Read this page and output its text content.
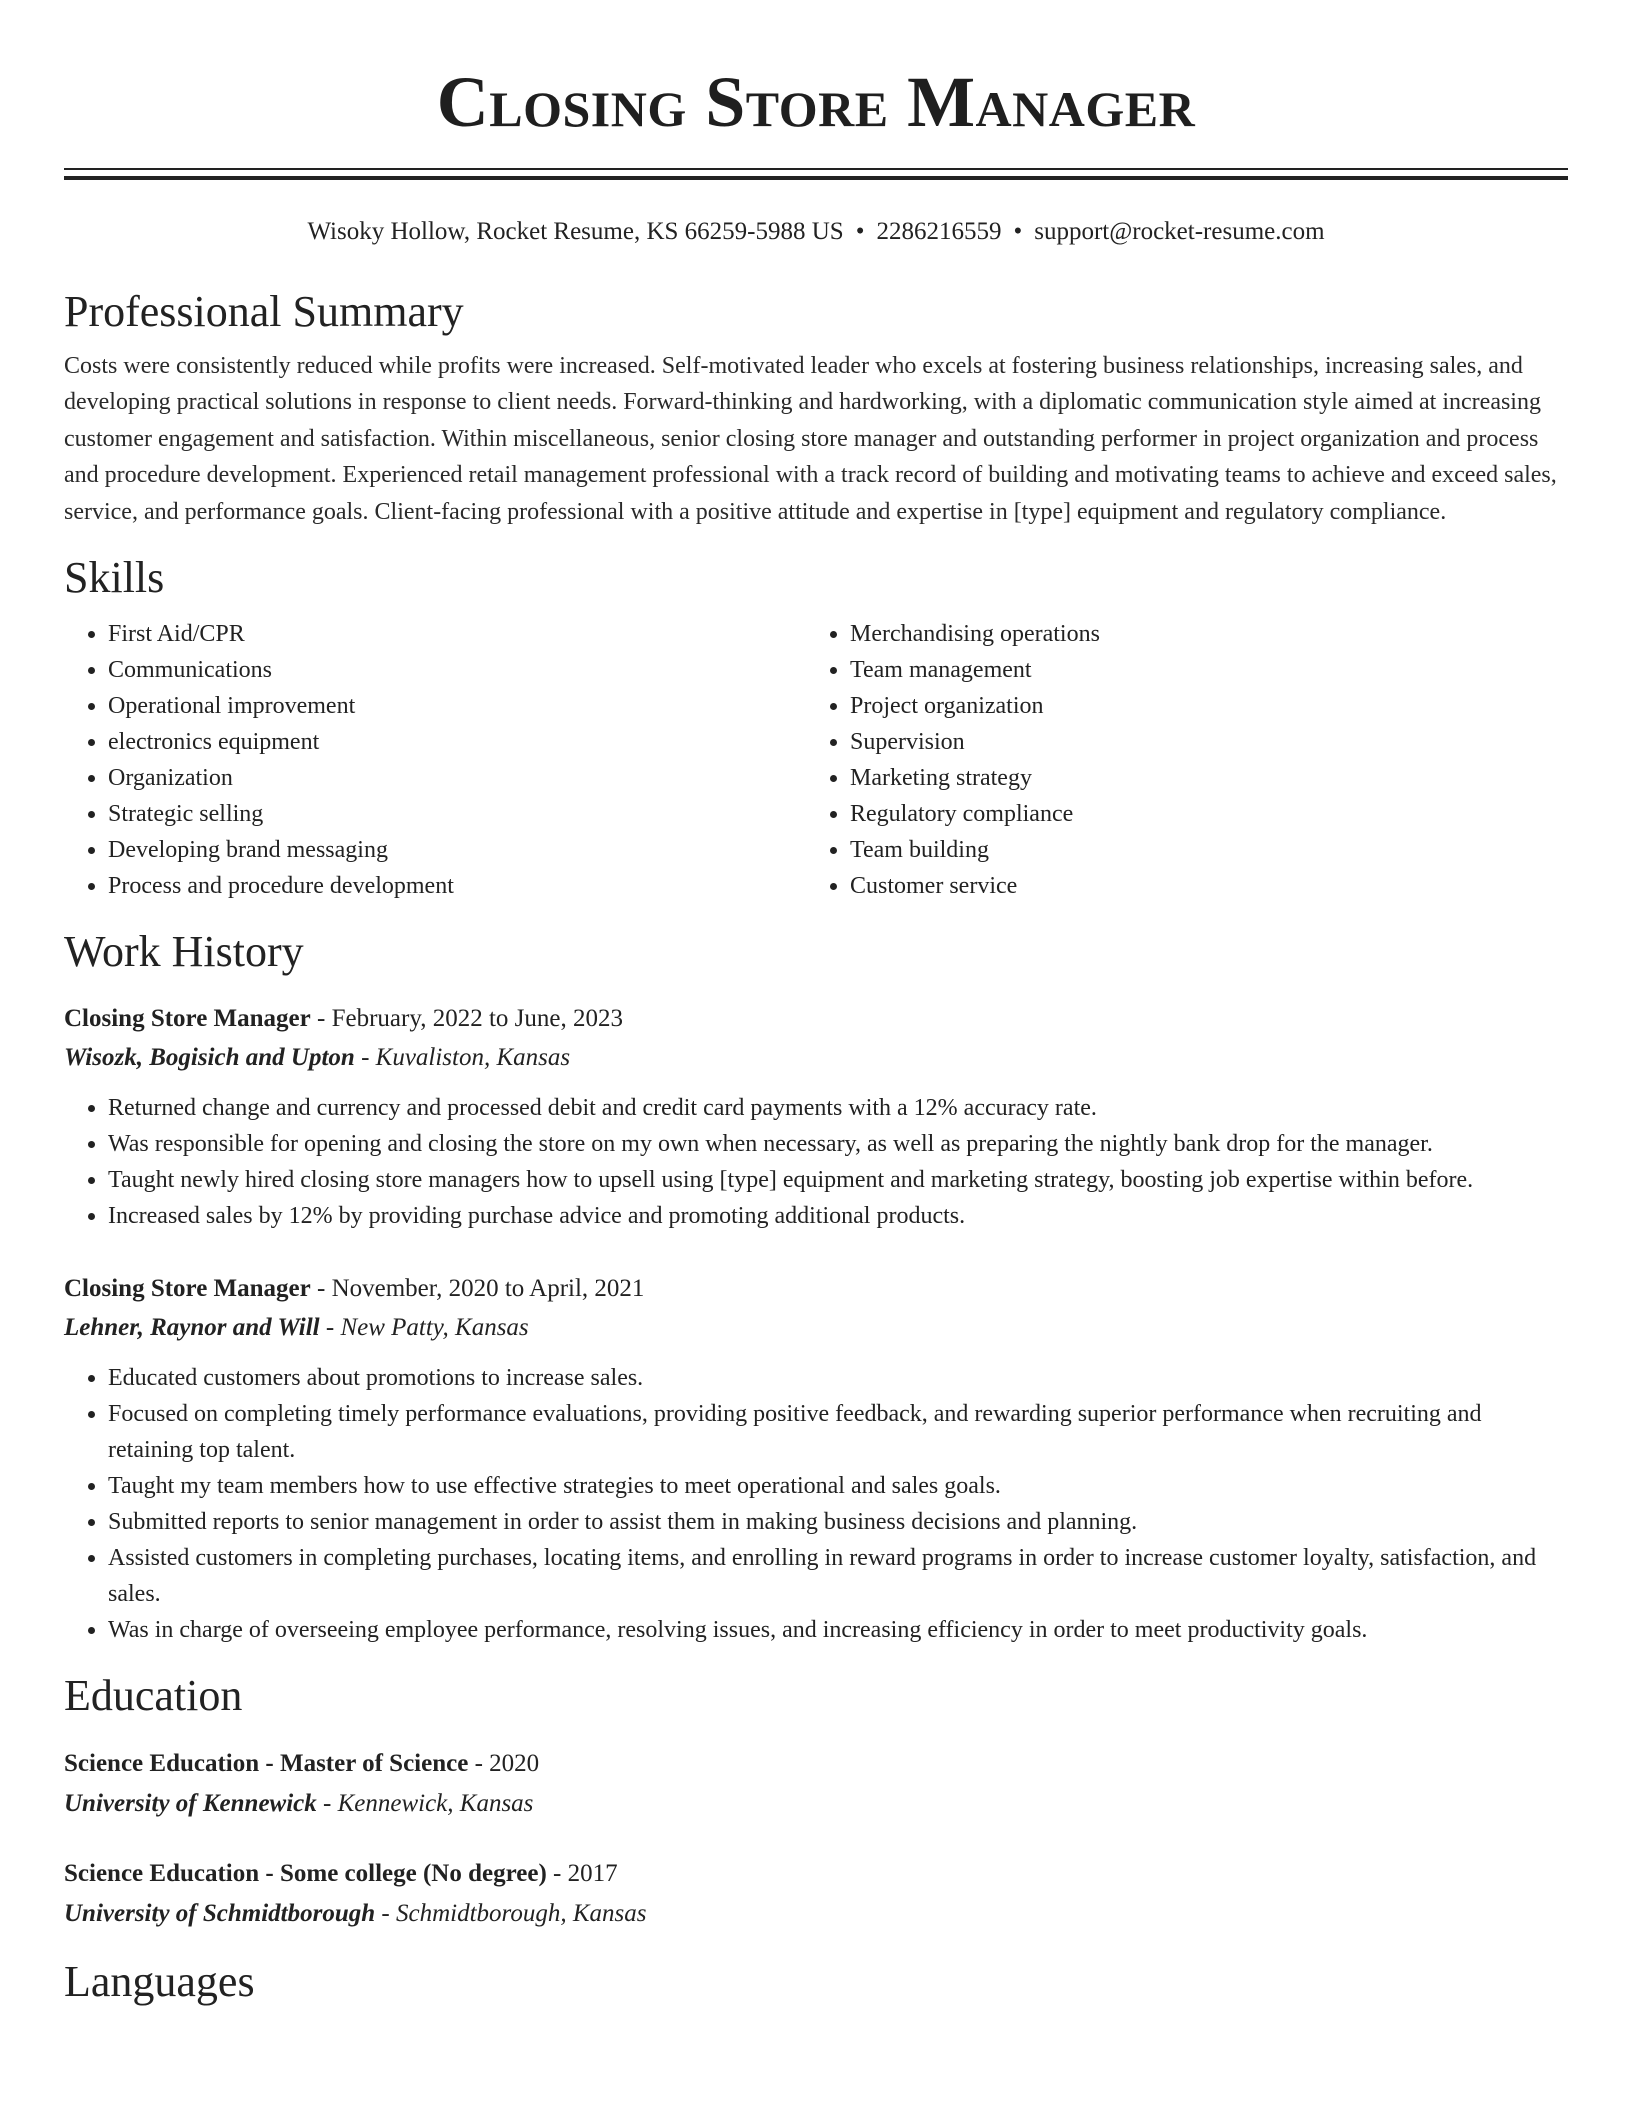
Closing Store Manager
Wisoky Hollow, Rocket Resume, KS 66259-5988 US • 2286216559 • support@rocket-resume.com
Professional Summary
Costs were consistently reduced while profits were increased. Self-motivated leader who excels at fostering business relationships, increasing sales, and developing practical solutions in response to client needs. Forward-thinking and hardworking, with a diplomatic communication style aimed at increasing customer engagement and satisfaction. Within miscellaneous, senior closing store manager and outstanding performer in project organization and process and procedure development. Experienced retail management professional with a track record of building and motivating teams to achieve and exceed sales, service, and performance goals. Client-facing professional with a positive attitude and expertise in [type] equipment and regulatory compliance.
Skills
• First Aid/CPR
• Communications
• Operational improvement
• electronics equipment
• Organization
• Strategic selling
• Developing brand messaging
• Process and procedure development
• Merchandising operations
• Team management
• Project organization
• Supervision
• Marketing strategy
• Regulatory compliance
• Team building
• Customer service
Work History
Closing Store Manager - February, 2022 to June, 2023
Wisozk, Bogisich and Upton - Kuvaliston, Kansas
• Returned change and currency and processed debit and credit card payments with a 12% accuracy rate.
• Was responsible for opening and closing the store on my own when necessary, as well as preparing the nightly bank drop for the manager.
• Taught newly hired closing store managers how to upsell using [type] equipment and marketing strategy, boosting job expertise within before.
• Increased sales by 12% by providing purchase advice and promoting additional products.
Closing Store Manager - November, 2020 to April, 2021
Lehner, Raynor and Will - New Patty, Kansas
• Educated customers about promotions to increase sales.
• Focused on completing timely performance evaluations, providing positive feedback, and rewarding superior performance when recruiting and retaining top talent.
• Taught my team members how to use effective strategies to meet operational and sales goals.
• Submitted reports to senior management in order to assist them in making business decisions and planning.
• Assisted customers in completing purchases, locating items, and enrolling in reward programs in order to increase customer loyalty, satisfaction, and sales.
• Was in charge of overseeing employee performance, resolving issues, and increasing efficiency in order to meet productivity goals.
Education
Science Education - Master of Science - 2020
University of Kennewick - Kennewick, Kansas
Science Education - Some college (No degree) - 2017
University of Schmidtborough - Schmidtborough, Kansas
Languages
